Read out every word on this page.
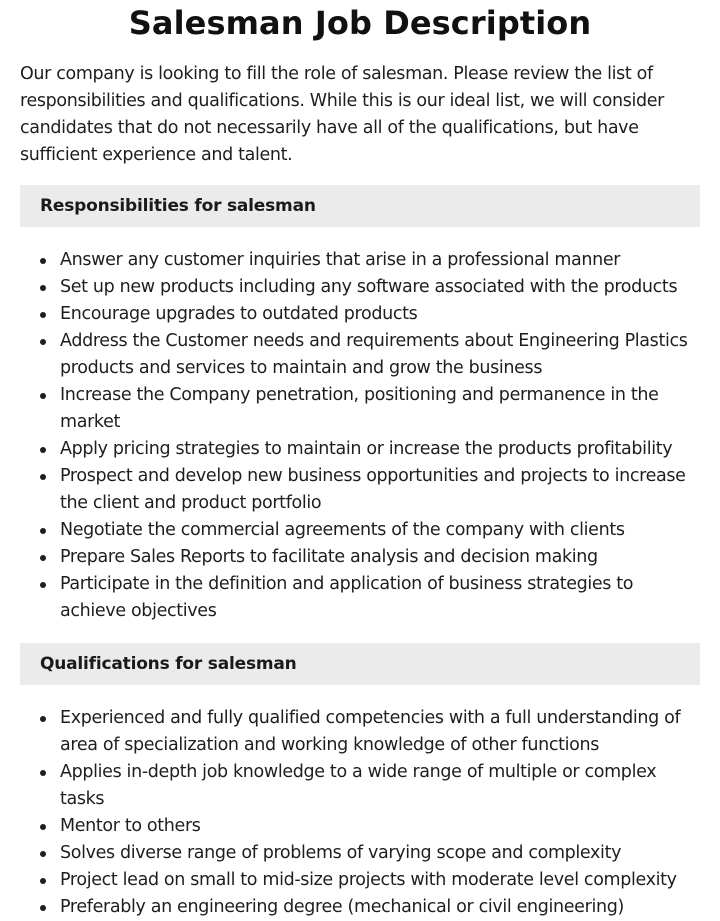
Salesman Job Description

Our company is looking to fill the role of salesman. Please review the list of responsibilities and qualifications. While this is our ideal list, we will consider candidates that do not necessarily have all of the qualifications, but have sufficient experience and talent.

Responsibilities for salesman
Answer any customer inquiries that arise in a professional manner
Set up new products including any software associated with the products
Encourage upgrades to outdated products
Address the Customer needs and requirements about Engineering Plastics products and services to maintain and grow the business
Increase the Company penetration, positioning and permanence in the market
Apply pricing strategies to maintain or increase the products profitability
Prospect and develop new business opportunities and projects to increase the client and product portfolio
Negotiate the commercial agreements of the company with clients
Prepare Sales Reports to facilitate analysis and decision making
Participate in the definition and application of business strategies to achieve objectives
Qualifications for salesman
Experienced and fully qualified competencies with a full understanding of area of specialization and working knowledge of other functions
Applies in-depth job knowledge to a wide range of multiple or complex tasks
Mentor to others
Solves diverse range of problems of varying scope and complexity
Project lead on small to mid-size projects with moderate level complexity
Preferably an engineering degree (mechanical or civil engineering)
